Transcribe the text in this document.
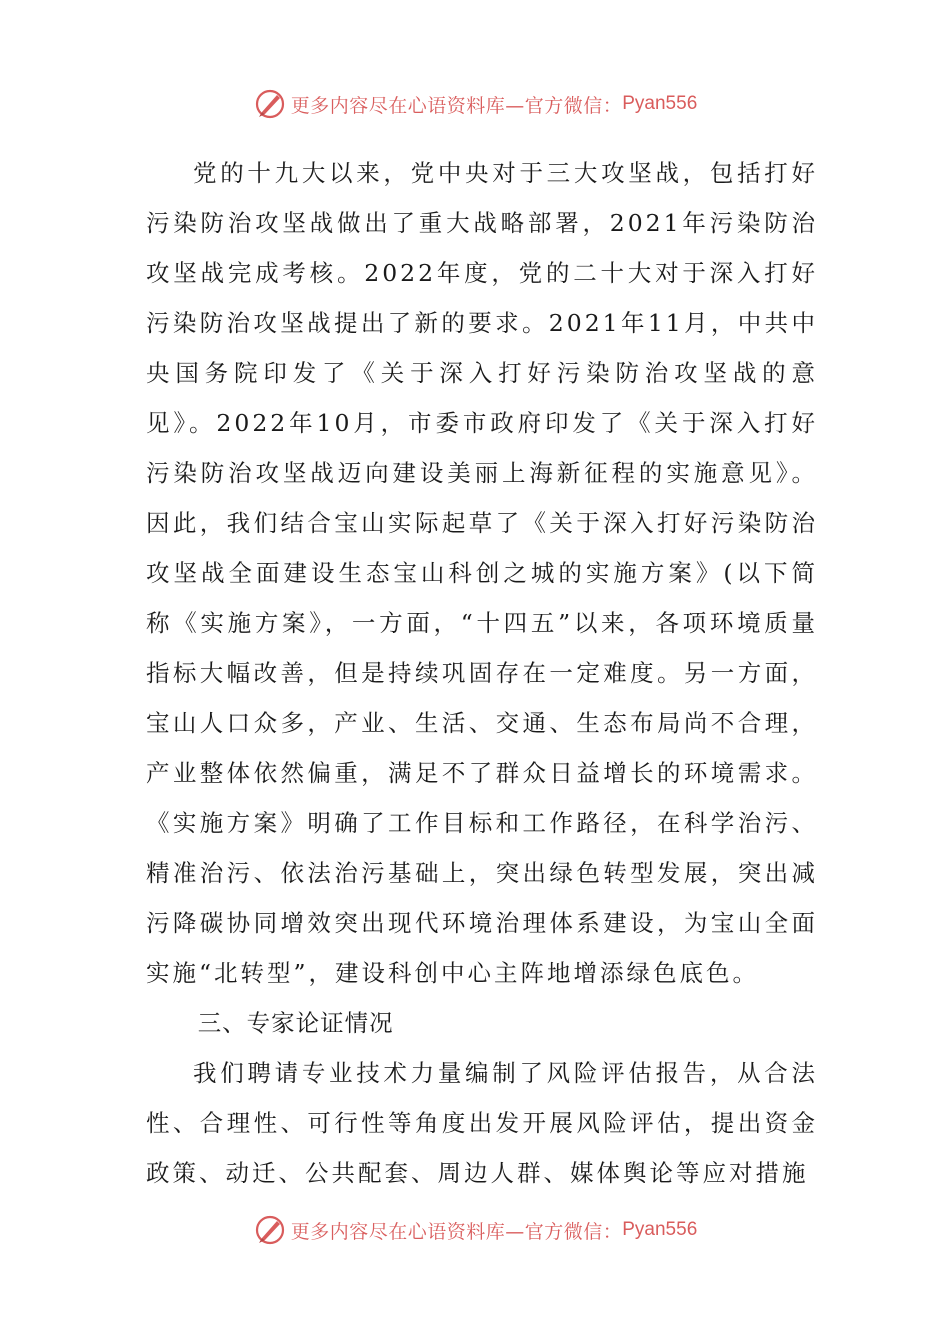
更多内容尽在心语资料库—官方微信： Pyan556

党的十九大以来，党中央对于三大攻坚战，包括打好污染防治攻坚战做出了重大战略部署，2021年污染防治攻坚战完成考核。2022年度，党的二十大对于深入打好污染防治攻坚战提出了新的要求。2021年11月，中共中央国务院印发了《关于深入打好污染防治攻坚战的意见》。2022年10月，市委市政府印发了《关于深入打好污染防治攻坚战迈向建设美丽上海新征程的实施意见》。因此，我们结合宝山实际起草了《关于深入打好污染防治攻坚战全面建设生态宝山科创之城的实施方案》(以下简称《实施方案》，一方面，“十四五”以来，各项环境质量指标大幅改善，但是持续巩固存在一定难度。另一方面，宝山人口众多，产业、生活、交通、生态布局尚不合理，产业整体依然偏重，满足不了群众日益增长的环境需求。《实施方案》明确了工作目标和工作路径，在科学治污、精准治污、依法治污基础上，突出绿色转型发展，突出减污降碳协同增效突出现代环境治理体系建设，为宝山全面实施“北转型”，建设科创中心主阵地增添绿色底色。

三、专家论证情况

我们聘请专业技术力量编制了风险评估报告，从合法性、合理性、可行性等角度出发开展风险评估，提出资金政策、动迁、公共配套、周边人群、媒体舆论等应对措施

更多内容尽在心语资料库—官方微信： Pyan556
